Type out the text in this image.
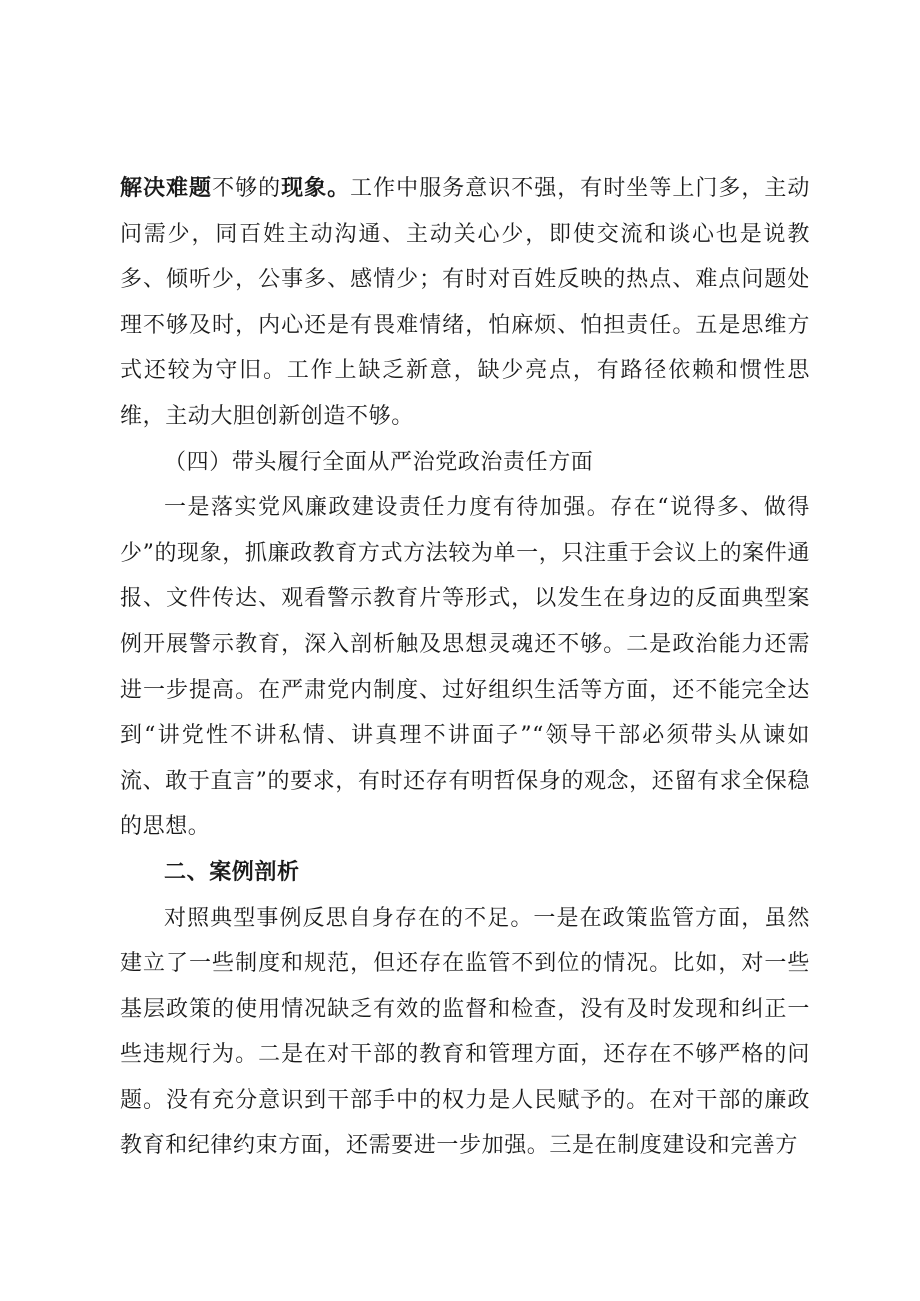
解决难题不够的现象。工作中服务意识不强，有时坐等上门多，主动问需少，同百姓主动沟通、主动关心少，即使交流和谈心也是说教多、倾听少，公事多、感情少；有时对百姓反映的热点、难点问题处理不够及时，内心还是有畏难情绪，怕麻烦、怕担责任。五是思维方式还较为守旧。工作上缺乏新意，缺少亮点，有路径依赖和惯性思维，主动大胆创新创造不够。

（四）带头履行全面从严治党政治责任方面

一是落实党风廉政建设责任力度有待加强。存在“说得多、做得少”的现象，抓廉政教育方式方法较为单一，只注重于会议上的案件通报、文件传达、观看警示教育片等形式，以发生在身边的反面典型案例开展警示教育，深入剖析触及思想灵魂还不够。二是政治能力还需进一步提高。在严肃党内制度、过好组织生活等方面，还不能完全达到“讲党性不讲私情、讲真理不讲面子”“领导干部必须带头从谏如流、敢于直言”的要求，有时还存有明哲保身的观念，还留有求全保稳的思想。

二、案例剖析

对照典型事例反思自身存在的不足。一是在政策监管方面，虽然建立了一些制度和规范，但还存在监管不到位的情况。比如，对一些基层政策的使用情况缺乏有效的监督和检查，没有及时发现和纠正一些违规行为。二是在对干部的教育和管理方面，还存在不够严格的问题。没有充分意识到干部手中的权力是人民赋予的。在对干部的廉政教育和纪律约束方面，还需要进一步加强。三是在制度建设和完善方
